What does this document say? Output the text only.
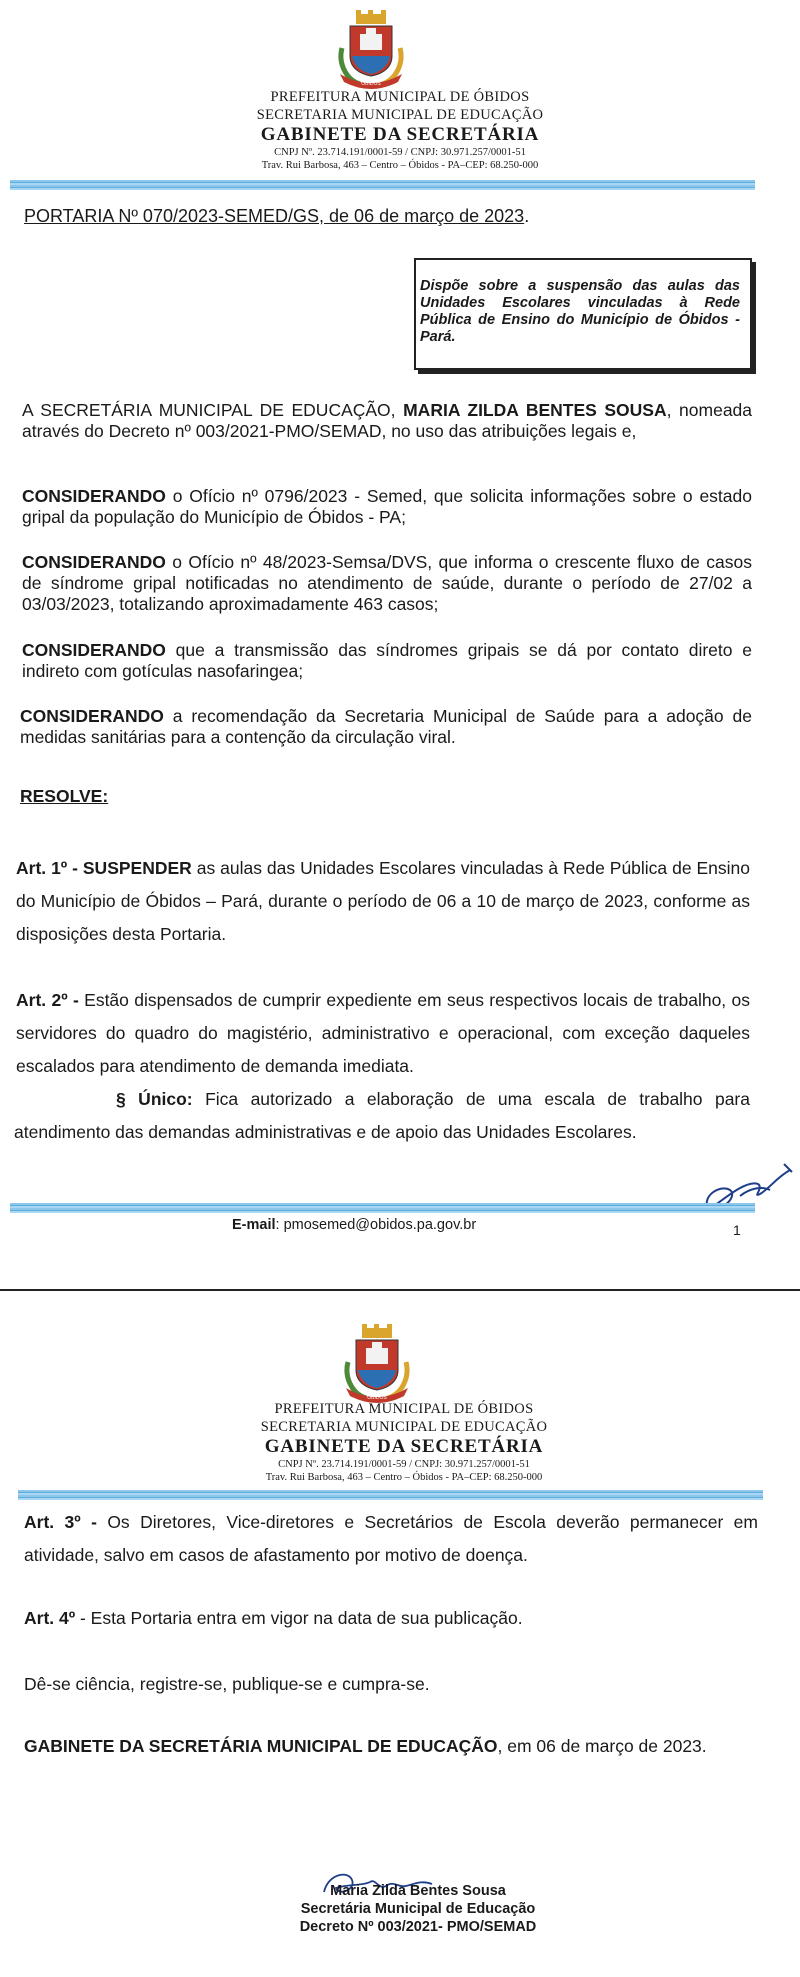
ÓBIDOS
PREFEITURA MUNICIPAL DE ÓBIDOS
SECRETARIA MUNICIPAL DE EDUCAÇÃO
GABINETE DA SECRETÁRIA
CNPJ Nº. 23.714.191/0001-59 / CNPJ: 30.971.257/0001-51
Trav. Rui Barbosa, 463 – Centro – Óbidos - PA–CEP: 68.250-000
PORTARIA Nº 070/2023-SEMED/GS, de 06 de março de 2023.
Dispõe sobre a suspensão das aulas das Unidades Escolares vinculadas à Rede Pública de Ensino do Município de Óbidos - Pará.
A SECRETÁRIA MUNICIPAL DE EDUCAÇÃO, MARIA ZILDA BENTES SOUSA, nomeada através do Decreto nº 003/2021-PMO/SEMAD, no uso das atribuições legais e,
CONSIDERANDO o Ofício nº 0796/2023 - Semed, que solicita informações sobre o estado gripal da população do Município de Óbidos - PA;
CONSIDERANDO o Ofício nº 48/2023-Semsa/DVS, que informa o crescente fluxo de casos de síndrome gripal notificadas no atendimento de saúde, durante o período de 27/02 a 03/03/2023, totalizando aproximadamente 463 casos;
CONSIDERANDO que a transmissão das síndromes gripais se dá por contato direto e indireto com gotículas nasofaringea;
CONSIDERANDO a recomendação da Secretaria Municipal de Saúde para a adoção de medidas sanitárias para a contenção da circulação viral.
RESOLVE:
Art. 1º - SUSPENDER as aulas das Unidades Escolares vinculadas à Rede Pública de Ensino do Município de Óbidos – Pará, durante o período de 06 a 10 de março de 2023, conforme as disposições desta Portaria.
Art. 2º - Estão dispensados de cumprir expediente em seus respectivos locais de trabalho, os servidores do quadro do magistério, administrativo e operacional, com exceção daqueles escalados para atendimento de demanda imediata.
§ Único: Fica autorizado a elaboração de uma escala de trabalho para atendimento das demandas administrativas e de apoio das Unidades Escolares.
E-mail: pmosemed@obidos.pa.gov.br	1
ÓBIDOS
PREFEITURA MUNICIPAL DE ÓBIDOS
SECRETARIA MUNICIPAL DE EDUCAÇÃO
GABINETE DA SECRETÁRIA
CNPJ Nº. 23.714.191/0001-59 / CNPJ: 30.971.257/0001-51
Trav. Rui Barbosa, 463 – Centro – Óbidos - PA–CEP: 68.250-000
Art. 3º - Os Diretores, Vice-diretores e Secretários de Escola deverão permanecer em atividade, salvo em casos de afastamento por motivo de doença.
Art. 4º - Esta Portaria entra em vigor na data de sua publicação.
Dê-se ciência, registre-se, publique-se e cumpra-se.
GABINETE DA SECRETÁRIA MUNICIPAL DE EDUCAÇÃO, em 06 de março de 2023.
Maria Zilda Bentes Sousa
Secretária Municipal de Educação
Decreto Nº 003/2021- PMO/SEMAD
